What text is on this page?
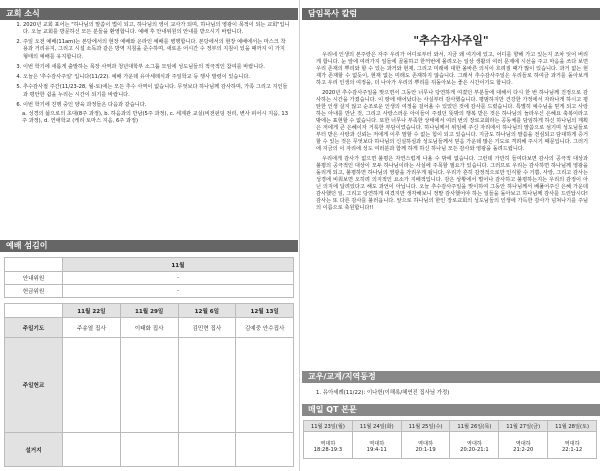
교회 소식
1. 2020년 교회 표어는 "하나님의 말씀이 법이 되고, 하나님의 영이 교사가 되며, 하나님의 영광이 목적이 되는 교회"입니다. 오늘 교회를 방문하신 모든 분들을 환영합니다. 예배 후 안내위원의 안내를 받으시기 바랍니다.
2. 주일 오전 예배(11am)는 본당에서의 현장 예배와 온라인 예배를 병행합니다. 본당에서의 현장 예배에서는 마스크 착용과 거리유지, 그리고 시설 소독과 같은 방역 지침을 준수하며, 새로운 어시간 수 정부의 지침이 있을 때까지 이 가지 형태의 예배를 유지합니다.
3. 이번 학기에 새롭게 출발하는 목장 사역과 청년대학부 소그룹 모임에 성도님들의 적극적인 참여를 바랍니다.
4. 오늘은 '추수감사주일' 입니다(11/22). 예배 가운데 유아세례식과 주일학교 등 행사 발령이 있습니다.
5. 추수감사절 주간(11/23-28, 월-토)에는 모든 추수 사역이 없습니다. 무엇보다 하나님께 감사하며, 가족 그리고 지인들과 평안한 쉼을 누리는 시간이 되기를 바랍니다.
6. 이번 학기에 진행 중인 양육 과정들은 다음과 같습니다.
a. 성경의 삶으로의 초대(8주 과정), b. 하음과의 만남(5주 과정), c. 세계관 교실(비전펀딩 전리, 변사 피어시 지음, 13주 과정), d. 연애학교 (케리 토마스 지음, 6주 과정)
예배 섬김이
	11월			
안내위원	-			
헌금위원	-			

	11월 22일	11월 29일	12월 6일	12월 13일
주일기도	주송열 집사	이태화 집사	김민현 집사	김예중 안수집사
주일헌교				
설거지				
담임목사 칼럼
"추수감사주일"

우리네 인생의 본주랑은 자주 우리가 어디로부터 와서, 지금 왜 여기에 있고, 어디를 향해 가고 있는지 조차 잊어 버리게 합니다. 눈 앞에 여러가지 일들에 골몰하고 한꺼번에 몰려오는 일상 생활의 여러 문제에 시선을 주고 마음을 쓰다 보면 우리 존재의 뿌리와 할 수 있는 과거와 현재, 그리고 미래에 대한 올바른 의식이 흐려질 때가 많이 있습니다. 과거 없는 현재가 존재할 수 없듯이, 현재 없는 미래도 존재하지 않습니다. 그래서 추수감사주일은 우리들로 하여금 과거를 돌아보게 하고 우리 인생의 여정을, 더 나아가 우리의 뿌리를 뒤돌아보는 좋은 시간이기도 합니다.

2020년 추수감사주일을 맞으면서 그동안 너무나 당연하게 여겼던 부분들에 대해서 다시 한 번 하나님께 진정으로 감사하는 시간을 가졌습니다. 이 땅에 태어났다는 사실부터 감사했습니다. 평범하지만 건강한 가정에서 자라나게 하시고 평탄한 인생 살지 않고 순조로운 인생의 여정을 걸어올 수 있었던 것에 감사를 드렸습니다. 특별히 예수님을 믿게 되고 사랑하는 아내를 만난 것, 그리고 사랑스러운 아이들이 주셨던 뜻밖의 행복 받은 것은 하나님의 놀라우신 은혜요 축복이라고 밖에는 표현할 수 없습니다. 또한 너무나 부족한 상태에서 여러 번의 장로교회라는 공동체를 담임하게 하신 하나님의 계획은 저에게 큰 은혜이자 거룩한 부담이었습니다. 하나님께서 위임해 주신 자리에서 하나님의 말씀으로 섬기며 성도님들로부터 받은 사랑과 신뢰는 저에게 이루 말할 수 없는 힘이 되고 있습니다. 지금도 하나님의 말씀을 전심되고 담대하게 증거할 수 있는 것은 무엇보다 하나님의 신실하심과 성도님들께서 믿음 가운데 많은 기도로 격려해 주시기 때문입니다. 그러기에 지금의 이 자리에 성도 여러분과 함께 하게 하신 하나님 모든 감사와 영광을 돌려드립니다.

우리에게 감사가 없으면 불평은 자연스럽게 나올 수 밖에 없습니다. 그런데 가만히 들여다보면 감사의 공극적 대상과 불평의 공극적인 대상이 모두 하나님이라는 사실에 주목할 필요가 있습니다. 그러므로 우리는 감사하면 하나님께 영광을 돌리게 되고, 불평하면 하나님의 영광을 가리우게 됩니다. 우리가 흔히 감정적으로만 인식할 수 기쁨, 사랑, 그리고 감사는 성경에 비춰보면 오히려 의지적인 요소가 지배적입니다. 감은 상황에서 벌어나 감사하고 불평하는지는 우리의 감정이 아닌 의지에 달려있다고 해도 과언이 아닙니다. 오늘 추수감사주일을 맞이하여 그동안 하나님께서 베풀어주신 은혜 가운데 감사했던 일, 그리고 당연하게 여겼지만 생각해보니 정말 감사했어야 하는 일들을 돌아보고 하나님께 감사를 드린답시다! 감사는 또 다른 감사를 불러옵니다. 앞으로 하나님의 한인 장로교회의 성도님들의 인생에 가득한 감사가 넘쳐나기를 주님의 이름으로 축원합니다!!

교우/교계/지역동정
1. 유아세례(11/22): 이나헌(이해록/혜연진 집사님 가정)
매일 QT 본문
11월 23일(월)	11월 24일(화)	11월 25일(수)	11월 26일(목)	11월 27일(금)	11월 28일(토)
역대하	역대하	역대하	역대하	역대하	역대하
18:28-19:3	19:4-11	20:1-19	20:20-21:1	21:2-20	22:1-12
